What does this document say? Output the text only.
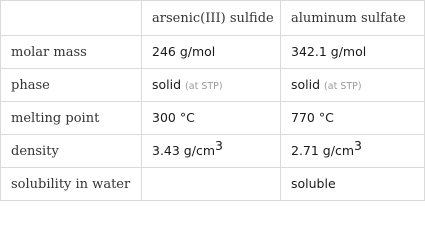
	arsenic(III) sulfide	aluminum sulfate
molar mass	246 g/mol	342.1 g/mol
phase	solid (at STP)	solid (at STP)
melting point	300 °C	770 °C
density	3.43 $g/cm^3$	2.71 $g/cm^3$
solubility in water		soluble
